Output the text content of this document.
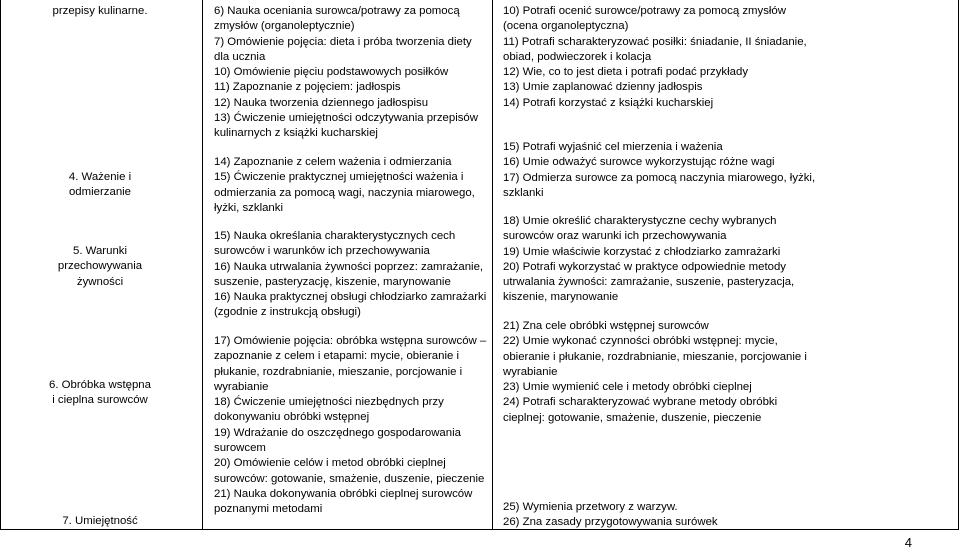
przepisy kulinarne.
4. Ważenie i
odmierzanie
5. Warunki
przechowywania
żywności
6. Obróbka wstępna
i cieplna surowców
7. Umiejętność
6) Nauka oceniania surowca/potrawy za pomocą
zmysłów (organoleptycznie)
7) Omówienie pojęcia: dieta i próba tworzenia diety
dla ucznia
10) Omówienie pięciu podstawowych posiłków
11) Zapoznanie z pojęciem: jadłospis
12) Nauka tworzenia dziennego jadłospisu
13) Ćwiczenie umiejętności odczytywania przepisów
kulinarnych z książki kucharskiej
14) Zapoznanie z celem ważenia i odmierzania
15) Ćwiczenie praktycznej umiejętności ważenia i
odmierzania za pomocą wagi, naczynia miarowego,
łyżki, szklanki
15) Nauka określania charakterystycznych cech
surowców i warunków ich przechowywania
16) Nauka utrwalania żywności poprzez: zamrażanie,
suszenie, pasteryzację, kiszenie, marynowanie
16) Nauka praktycznej obsługi chłodziarko zamrażarki
(zgodnie z instrukcją obsługi)
17) Omówienie pojęcia: obróbka wstępna surowców –
zapoznanie z celem i etapami: mycie, obieranie i
płukanie, rozdrabnianie, mieszanie, porcjowanie i
wyrabianie
18) Ćwiczenie umiejętności niezbędnych przy
dokonywaniu obróbki wstępnej
19) Wdrażanie do oszczędnego gospodarowania
surowcem
20) Omówienie celów i metod obróbki cieplnej
surowców: gotowanie, smażenie, duszenie, pieczenie
21) Nauka dokonywania obróbki cieplnej surowców
poznanymi metodami
10) Potrafi ocenić surowce/potrawy za pomocą zmysłów
(ocena organoleptyczna)
11) Potrafi scharakteryzować posiłki: śniadanie, II śniadanie,
obiad, podwieczorek i kolacja
12) Wie, co to jest dieta i potrafi podać przykłady
13) Umie zaplanować dzienny jadłospis
14) Potrafi korzystać z książki kucharskiej
15) Potrafi wyjaśnić cel mierzenia i ważenia
16) Umie odważyć surowce wykorzystując różne wagi
17) Odmierza surowce za pomocą naczynia miarowego, łyżki,
szklanki
18) Umie określić charakterystyczne cechy wybranych
surowców oraz warunki ich przechowywania
19) Umie właściwie korzystać z chłodziarko zamrażarki
20) Potrafi wykorzystać w praktyce odpowiednie metody
utrwalania żywności: zamrażanie, suszenie, pasteryzacja,
kiszenie, marynowanie
21) Zna cele obróbki wstępnej surowców
22) Umie wykonać czynności obróbki wstępnej: mycie,
obieranie i płukanie, rozdrabnianie, mieszanie, porcjowanie i
wyrabianie
23) Umie wymienić cele i metody obróbki cieplnej
24) Potrafi scharakteryzować wybrane metody obróbki
cieplnej: gotowanie, smażenie, duszenie, pieczenie
25) Wymienia przetwory z warzyw.
26) Zna zasady przygotowywania surówek
4
